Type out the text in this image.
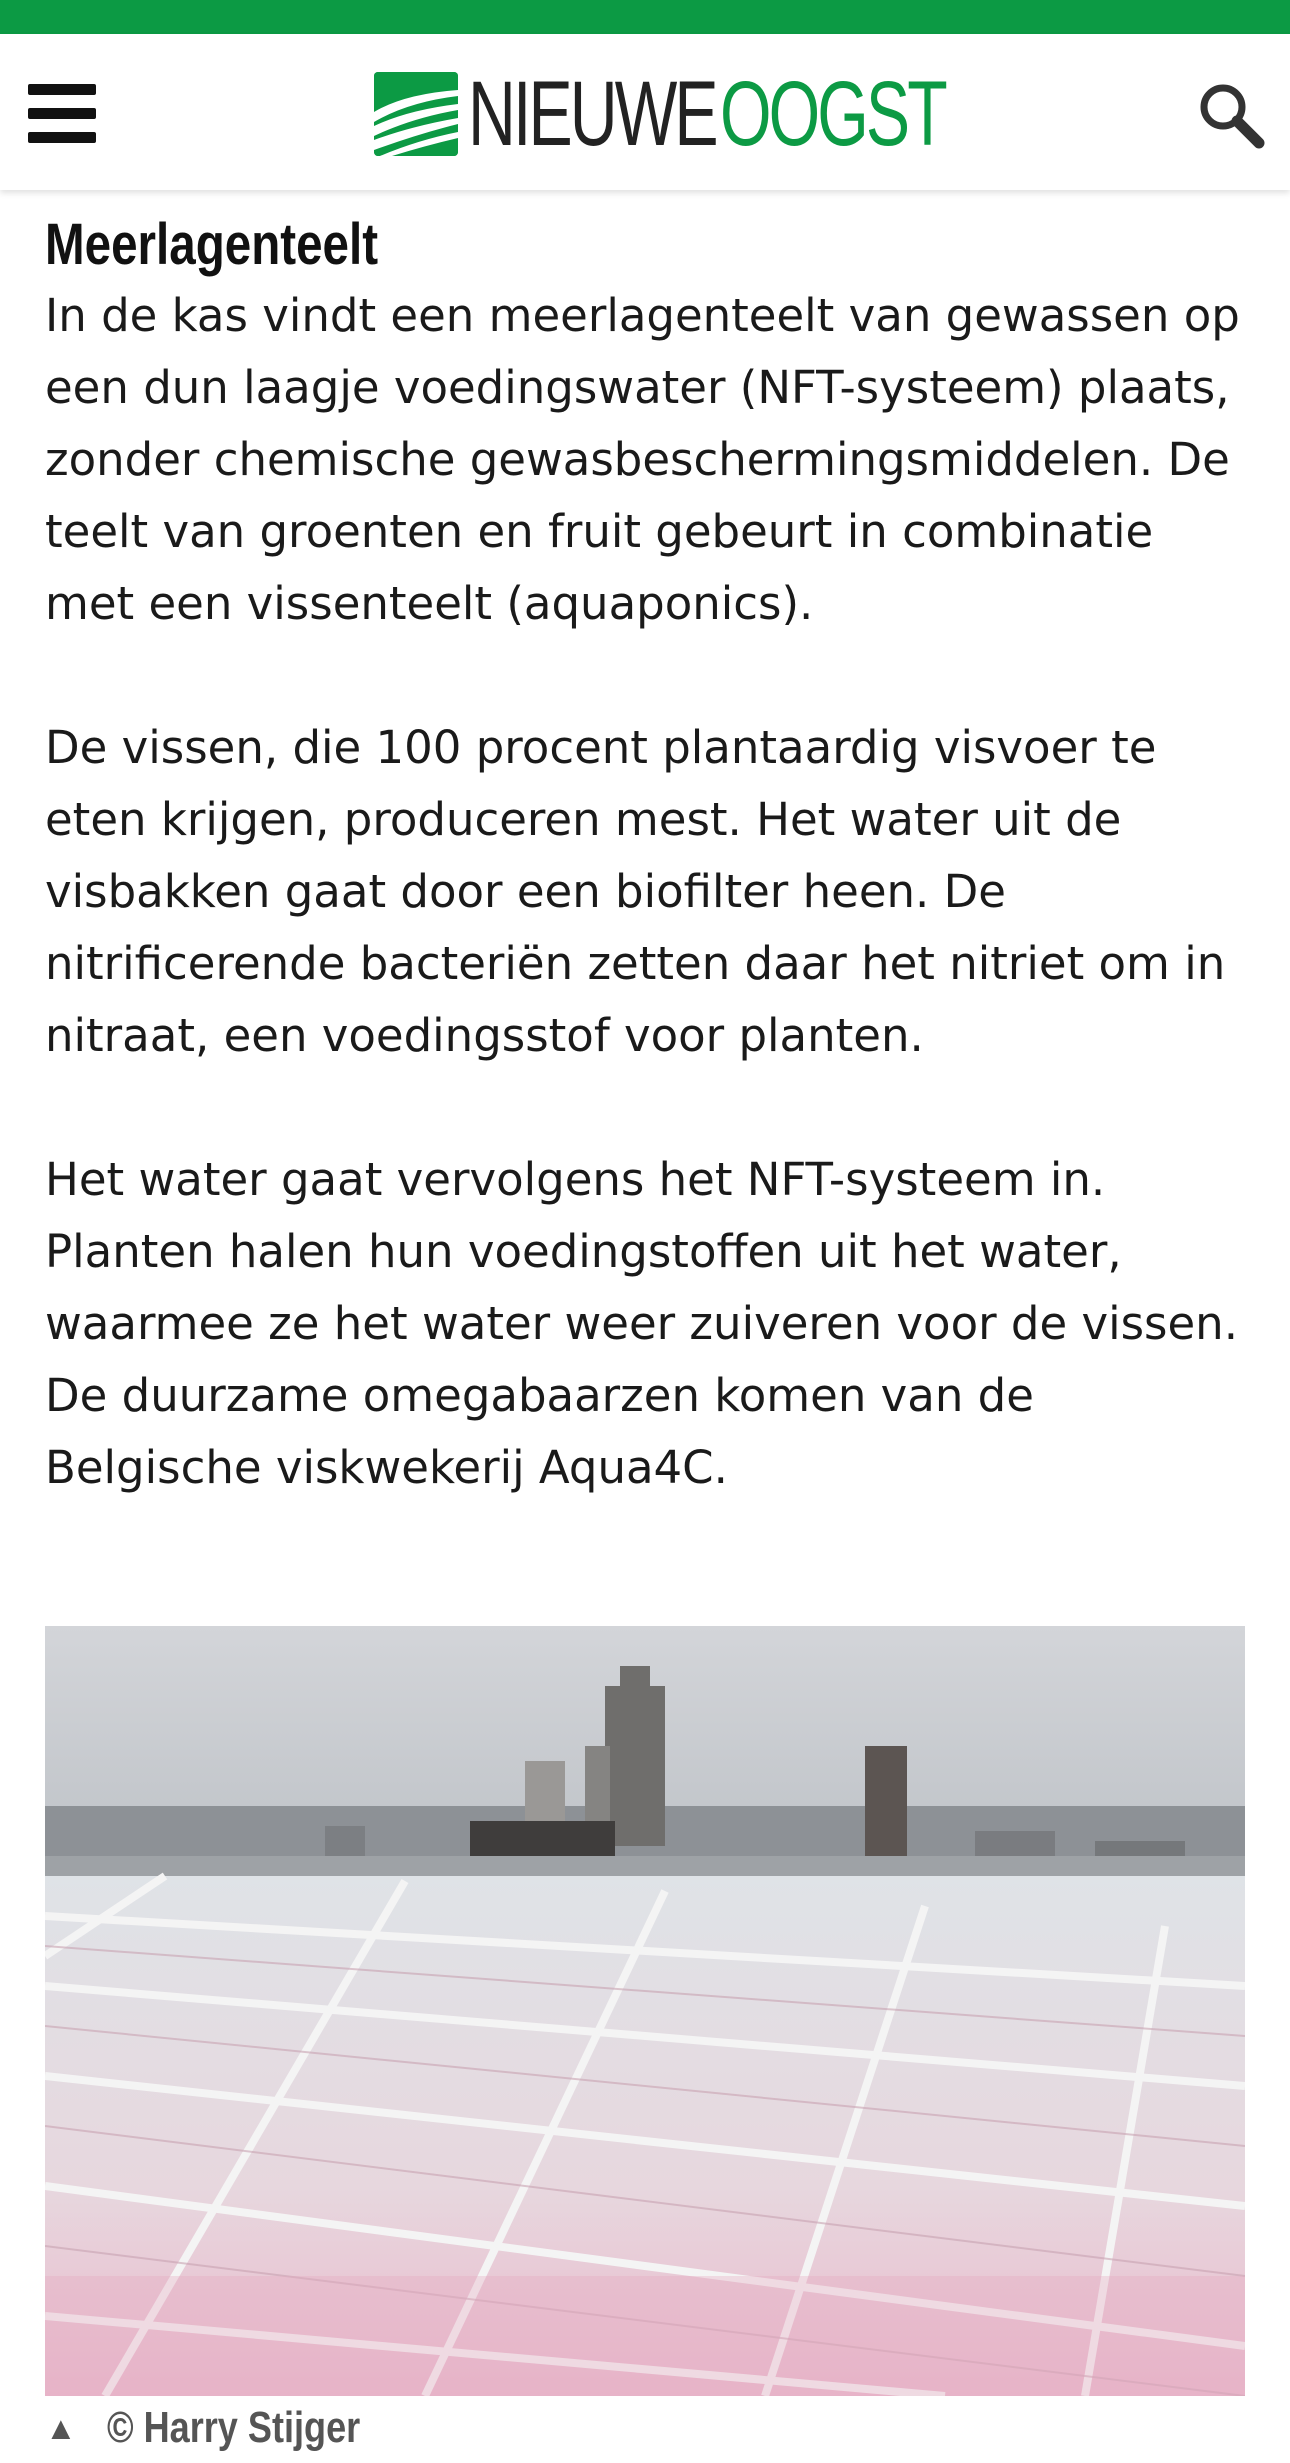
NIEUWEOOGST
Meerlagenteelt

In de kas vindt een meerlagenteelt van gewassen op een dun laagje voedingswater (NFT-systeem) plaats, zonder chemische gewasbeschermingsmiddelen. De teelt van groenten en fruit gebeurt in combinatie met een vissenteelt (aquaponics).

De vissen, die 100 procent plantaardig visvoer te eten krijgen, produceren mest. Het water uit de visbakken gaat door een biofilter heen. De nitrificerende bacteriën zetten daar het nitriet om in nitraat, een voedingsstof voor planten.

Het water gaat vervolgens het NFT-systeem in. Planten halen hun voedingstoffen uit het water, waarmee ze het water weer zuiveren voor de vissen. De duurzame omegabaarzen komen van de Belgische viskwekerij Aqua4C.

▲ © Harry Stijger
